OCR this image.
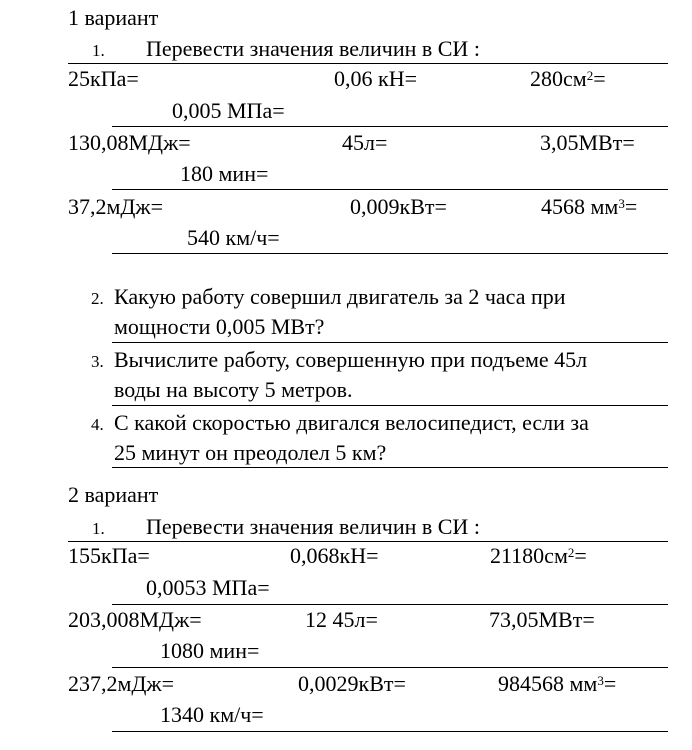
1 вариант
1. Перевести значения величин в СИ :
25кПа=	0,06 кН=	$280см^2=$
0,005 МПа=
130,08МДж=	45л=	3,05МВт=
180 мин=
37,2мДж=	0,009кВт=	4568 $мм^3=$
540 км/ч=
2. Какую работу совершил двигатель за 2 часа при
мощности 0,005 МВт?
3. Вычислите работу, совершенную при подъеме 45л
воды на высоту 5 метров.
4. С какой скоростью двигался велосипедист, если за
25 минут он преодолел 5 км?
2 вариант
1. Перевести значения величин в СИ :
155кПа=	0,068кН=	$21180см^2=$
0,0053 МПа=
203,008МДж=	12 45л=	73,05МВт=
1080 мин=
237,2мДж=	0,0029кВт=	984568 $мм^3=$
1340 км/ч=
